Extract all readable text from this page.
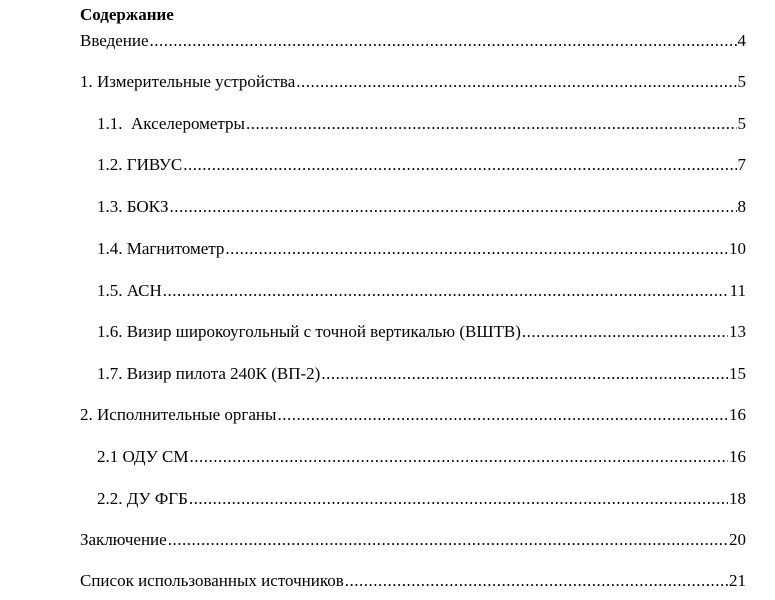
Содержание
Введение .....	4
1. Измерительные устройства .....	5
1.1.  Акселерометры .....	5
1.2. ГИВУС .....	7
1.3. БОКЗ .....	8
1.4. Магнитометр .....	10
1.5. АСН .....	11
1.6. Визир широкоугольный с точной вертикалью (ВШТВ) .....	13
1.7. Визир пилота 240К (ВП-2) .....	15
2. Исполнительные органы .....	16
2.1 ОДУ СМ .....	16
2.2. ДУ ФГБ .....	18
Заключение .....	20
Список использованных источников .....	21
